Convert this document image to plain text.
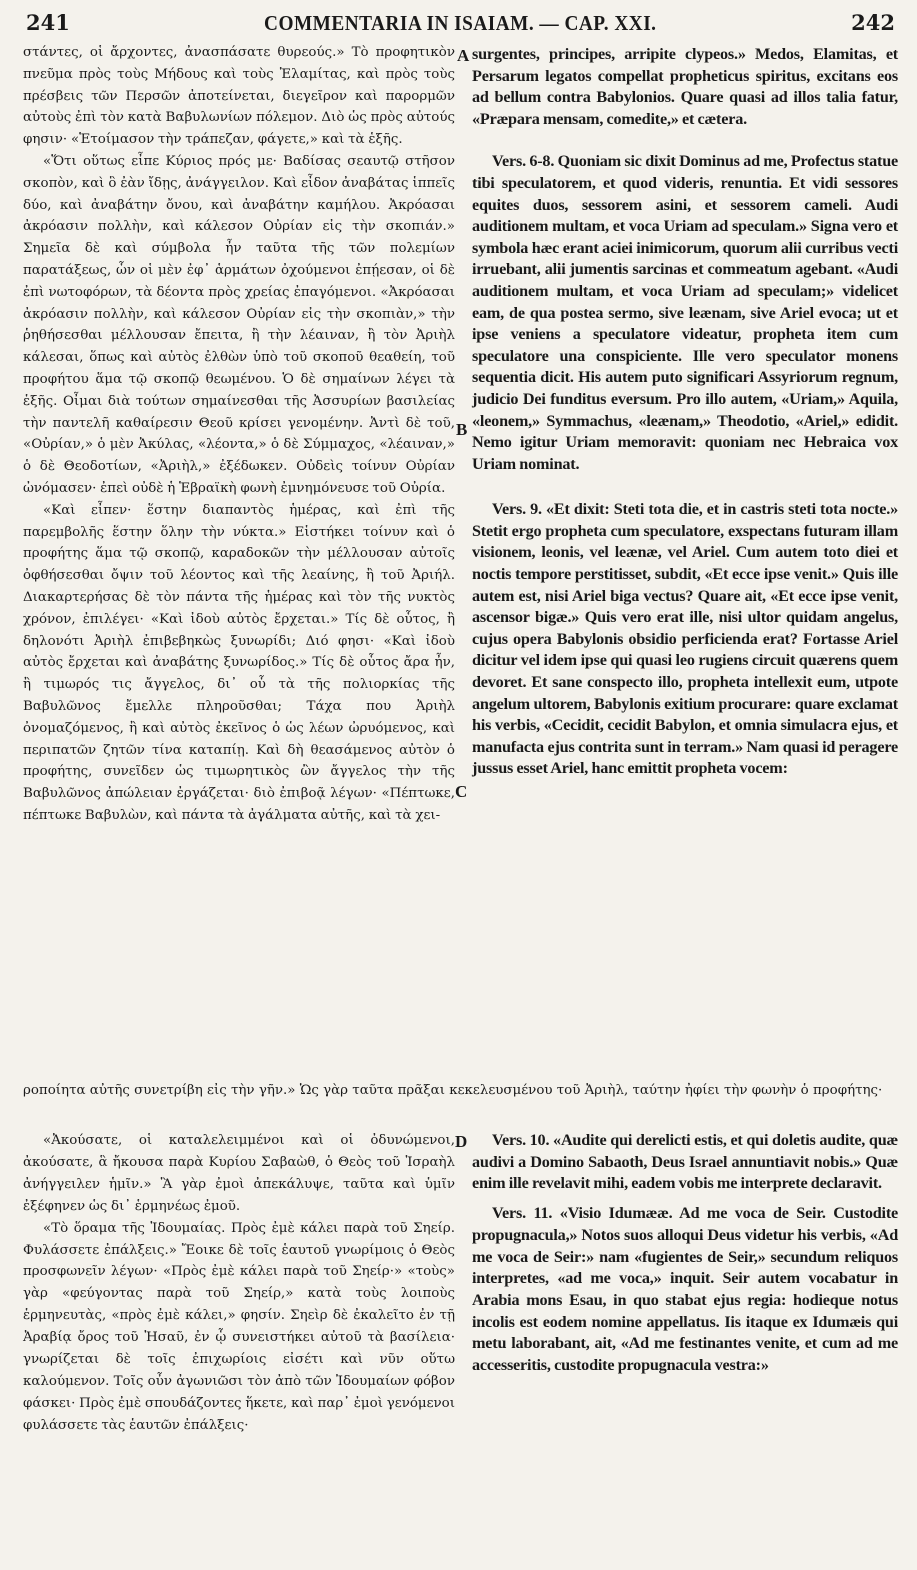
241	COMMENTARIA IN ISAIAM. — CAP. XXI.	242
A
B
C
D

στάντες, οἱ ἄρχοντες, ἀνασπάσατε θυρεούς.» Τὸ προφητικὸν πνεῦμα πρὸς τοὺς Μήδους καὶ τοὺς Ἐλαμίτας, καὶ πρὸς τοὺς πρέσβεις τῶν Περσῶν ἀποτείνεται, διεγεῖρον καὶ παρορμῶν αὐτοὺς ἐπὶ τὸν κατὰ Βαβυλωνίων πόλεμον. Διὸ ὡς πρὸς αὐτούς φησιν· «Ἑτοίμασον τὴν τράπεζαν, φάγετε,» καὶ τὰ ἑξῆς.

«Ὅτι οὕτως εἶπε Κύριος πρός με· Βαδίσας σεαυτῷ στῆσον σκοπὸν, καὶ ὃ ἐὰν ἴδῃς, ἀνάγγειλον. Καὶ εἶδον ἀναβάτας ἱππεῖς δύο, καὶ ἀναβάτην ὄνου, καὶ ἀναβάτην καμήλου. Ἀκρόασαι ἀκρόασιν πολλὴν, καὶ κάλεσον Οὐρίαν εἰς τὴν σκοπιάν.» Σημεῖα δὲ καὶ σύμβολα ἦν ταῦτα τῆς τῶν πολεμίων παρατάξεως, ὧν οἱ μὲν ἐφ᾽ ἁρμάτων ὀχούμενοι ἐπῄεσαν, οἱ δὲ ἐπὶ νωτοφόρων, τὰ δέοντα πρὸς χρείας ἐπαγόμενοι. «Ἀκρόασαι ἀκρόασιν πολλὴν, καὶ κάλεσον Οὐρίαν εἰς τὴν σκοπιὰν,» τὴν ῥηθήσεσθαι μέλλουσαν ἔπειτα, ἢ τὴν λέαιναν, ἢ τὸν Ἀριὴλ κάλεσαι, ὅπως καὶ αὐτὸς ἐλθὼν ὑπὸ τοῦ σκοποῦ θεαθείη, τοῦ προφήτου ἅμα τῷ σκοπῷ θεωμένου. Ὁ δὲ σημαίνων λέγει τὰ ἑξῆς. Οἶμαι διὰ τούτων σημαίνεσθαι τῆς Ἀσσυρίων βασιλείας τὴν παντελῆ καθαίρεσιν Θεοῦ κρίσει γενομένην. Ἀντὶ δὲ τοῦ, «Οὐρίαν,» ὁ μὲν Ἀκύλας, «λέοντα,» ὁ δὲ Σύμμαχος, «λέαιναν,» ὁ δὲ Θεοδοτίων, «Ἀριὴλ,» ἐξέδωκεν. Οὐδεὶς τοίνυν Οὐρίαν ὠνόμασεν· ἐπεὶ οὐδὲ ἡ Ἑβραϊκὴ φωνὴ ἐμνημόνευσε τοῦ Οὐρία.

«Καὶ εἶπεν· ἕστην διαπαντὸς ἡμέρας, καὶ ἐπὶ τῆς παρεμβολῆς ἕστην ὅλην τὴν νύκτα.» Εἱστήκει τοίνυν καὶ ὁ προφήτης ἅμα τῷ σκοπῷ, καραδοκῶν τὴν μέλλουσαν αὐτοῖς ὀφθήσεσθαι ὄψιν τοῦ λέοντος καὶ τῆς λεαίνης, ἢ τοῦ Ἀριήλ. Διακαρτερήσας δὲ τὸν πάντα τῆς ἡμέρας καὶ τὸν τῆς νυκτὸς χρόνον, ἐπιλέγει· «Καὶ ἰδοὺ αὐτὸς ἔρχεται.» Τίς δὲ οὗτος, ἢ δηλονότι Ἀριὴλ ἐπιβεβηκὼς ξυνωρίδι; Διό φησι· «Καὶ ἰδοὺ αὐτὸς ἔρχεται καὶ ἀναβάτης ξυνωρίδος.» Τίς δὲ οὗτος ἄρα ἦν, ἢ τιμωρός τις ἄγγελος, δι᾽ οὗ τὰ τῆς πολιορκίας τῆς Βαβυλῶνος ἔμελλε πληροῦσθαι; Τάχα που Ἀριὴλ ὀνομαζόμενος, ἢ καὶ αὐτὸς ἐκεῖνος ὁ ὡς λέων ὠρυόμενος, καὶ περιπατῶν ζητῶν τίνα καταπίῃ. Καὶ δὴ θεασάμενος αὐτὸν ὁ προφήτης, συνεῖδεν ὡς τιμωρητικὸς ὢν ἄγγελος τὴν τῆς Βαβυλῶνος ἀπώλειαν ἐργάζεται· διὸ ἐπιβοᾷ λέγων· «Πέπτωκε, πέπτωκε Βαβυλὼν, καὶ πάντα τὰ ἀγάλματα αὐτῆς, καὶ τὰ χει-

surgentes, principes, arripite clypeos.» Medos, Elamitas, et Persarum legatos compellat propheticus spiritus, excitans eos ad bellum contra Babylonios. Quare quasi ad illos talia fatur, «Præpara mensam, comedite,» et cætera.

Vers. 6-8. Quoniam sic dixit Dominus ad me, Profectus statue tibi speculatorem, et quod videris, renuntia. Et vidi sessores equites duos, sessorem asini, et sessorem cameli. Audi auditionem multam, et voca Uriam ad speculam.» Signa vero et symbola hæc erant aciei inimicorum, quorum alii curribus vecti irruebant, alii jumentis sarcinas et commeatum agebant. «Audi auditionem multam, et voca Uriam ad speculam;» videlicet eam, de qua postea sermo, sive leænam, sive Ariel evoca; ut et ipse veniens a speculatore videatur, propheta item cum speculatore una conspiciente. Ille vero speculator monens sequentia dicit. His autem puto significari Assyriorum regnum, judicio Dei funditus eversum. Pro illo autem, «Uriam,» Aquila, «leonem,» Symmachus, «leænam,» Theodotio, «Ariel,» edidit. Nemo igitur Uriam memoravit: quoniam nec Hebraica vox Uriam nominat.

Vers. 9. «Et dixit: Steti tota die, et in castris steti tota nocte.» Stetit ergo propheta cum speculatore, exspectans futuram illam visionem, leonis, vel leænæ, vel Ariel. Cum autem toto diei et noctis tempore perstitisset, subdit, «Et ecce ipse venit.» Quis ille autem est, nisi Ariel biga vectus? Quare ait, «Et ecce ipse venit, ascensor bigæ.» Quis vero erat ille, nisi ultor quidam angelus, cujus opera Babylonis obsidio perficienda erat? Fortasse Ariel dicitur vel idem ipse qui quasi leo rugiens circuit quærens quem devoret. Et sane conspecto illo, propheta intellexit eum, utpote angelum ultorem, Babylonis exitium procurare: quare exclamat his verbis, «Cecidit, cecidit Babylon, et omnia simulacra ejus, et manufacta ejus contrita sunt in terram.» Nam quasi id peragere jussus esset Ariel, hanc emittit propheta vocem:

ροποίητα αὐτῆς συνετρίβη εἰς τὴν γῆν.» Ὡς γὰρ ταῦτα πρᾶξαι κεκελευσμένου τοῦ Ἀριὴλ, ταύτην ἠφίει τὴν φωνὴν ὁ προφήτης·

«Ἀκούσατε, οἱ καταλελειμμένοι καὶ οἱ ὀδυνώμενοι, ἀκούσατε, ἃ ἤκουσα παρὰ Κυρίου Σαβαὼθ, ὁ Θεὸς τοῦ Ἰσραὴλ ἀνήγγειλεν ἡμῖν.» Ἃ γὰρ ἐμοὶ ἀπεκάλυψε, ταῦτα καὶ ὑμῖν ἐξέφηνεν ὡς δι᾽ ἑρμηνέως ἐμοῦ.

«Τὸ ὅραμα τῆς Ἰδουμαίας. Πρὸς ἐμὲ κάλει παρὰ τοῦ Σηείρ. Φυλάσσετε ἐπάλξεις.» Ἔοικε δὲ τοῖς ἑαυτοῦ γνωρίμοις ὁ Θεὸς προσφωνεῖν λέγων· «Πρὸς ἐμὲ κάλει παρὰ τοῦ Σηείρ·» «τοὺς» γὰρ «φεύγοντας παρὰ τοῦ Σηείρ,» κατὰ τοὺς λοιποὺς ἑρμηνευτὰς, «πρὸς ἐμὲ κάλει,» φησίν. Σηεὶρ δὲ ἐκαλεῖτο ἐν τῇ Ἀραβίᾳ ὄρος τοῦ Ἠσαῦ, ἐν ᾧ συνειστήκει αὐτοῦ τὰ βασίλεια· γνωρίζεται δὲ τοῖς ἐπιχωρίοις εἰσέτι καὶ νῦν οὕτω καλούμενον. Τοῖς οὖν ἀγωνιῶσι τὸν ἀπὸ τῶν Ἰδουμαίων φόβον φάσκει· Πρὸς ἐμὲ σπουδάζοντες ἥκετε, καὶ παρ᾽ ἐμοὶ γενόμενοι φυλάσσετε τὰς ἑαυτῶν ἐπάλξεις·

Vers. 10. «Audite qui derelicti estis, et qui doletis audite, quæ audivi a Domino Sabaoth, Deus Israel annuntiavit nobis.» Quæ enim ille revelavit mihi, eadem vobis me interprete declaravit.

Vers. 11. «Visio Idumææ. Ad me voca de Seir. Custodite propugnacula,» Notos suos alloqui Deus videtur his verbis, «Ad me voca de Seir:» nam «fugientes de Seir,» secundum reliquos interpretes, «ad me voca,» inquit. Seir autem vocabatur in Arabia mons Esau, in quo stabat ejus regia: hodieque notus incolis est eodem nomine appellatus. Iis itaque ex Idumæis qui metu laborabant, ait, «Ad me festinantes venite, et cum ad me accesseritis, custodite propugnacula vestra:»
